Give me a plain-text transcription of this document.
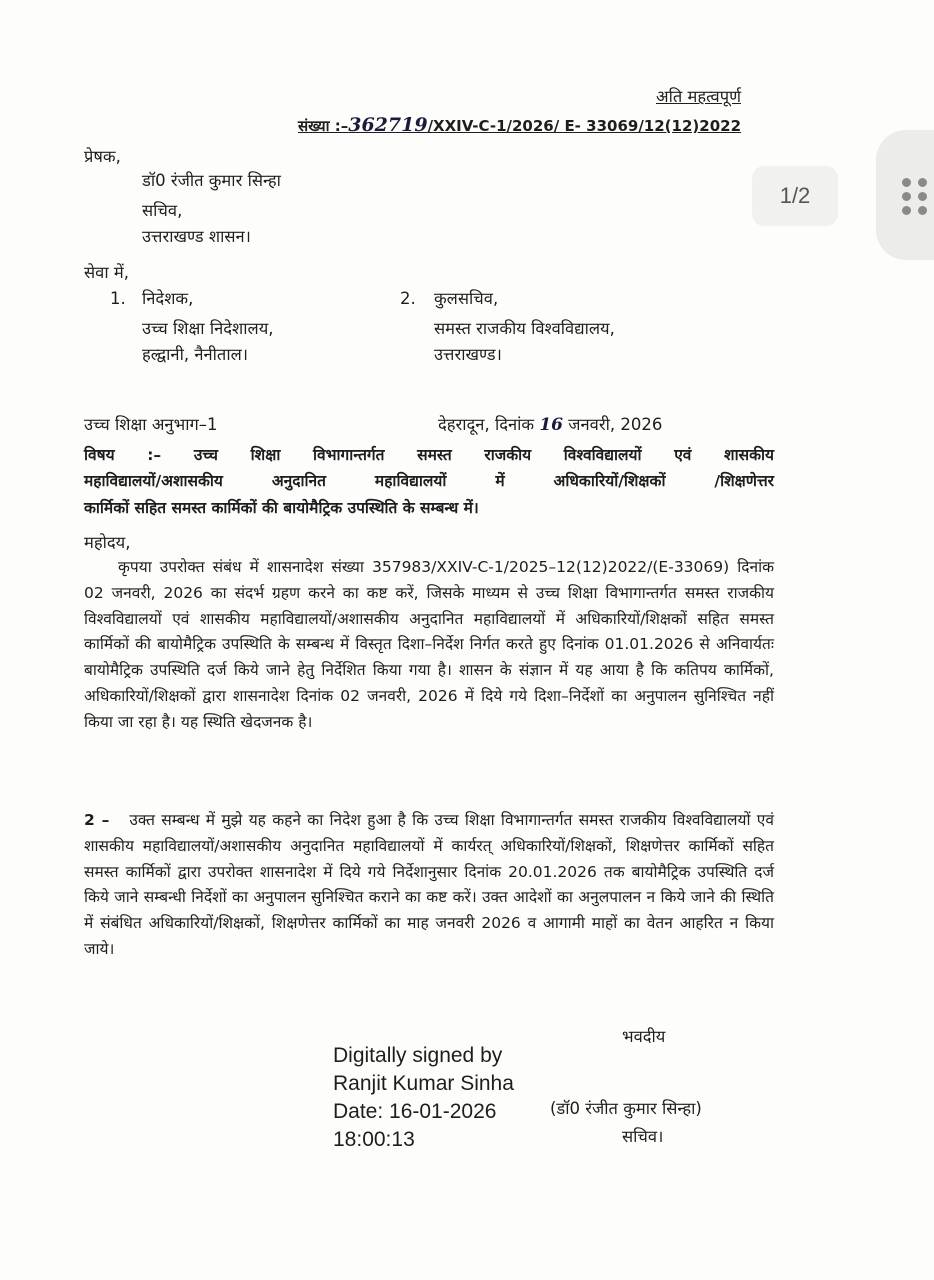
अति महत्वपूर्ण
संख्या :–362719/XXIV-C-1/2026/ E- 33069/12(12)2022
प्रेषक,
डॉ0 रंजीत कुमार सिन्हा
सचिव,
उत्तराखण्ड शासन।
सेवा में,
1. निदेशक,
उच्च शिक्षा निदेशालय,
हल्द्वानी, नैनीताल।
2. कुलसचिव,
समस्त राजकीय विश्वविद्यालय,
उत्तराखण्ड।
उच्च शिक्षा अनुभाग–1	देहरादून, दिनांक 16 जनवरी, 2026
विषय :– उच्च शिक्षा विभागान्तर्गत समस्त राजकीय विश्वविद्यालयों एवं शासकीय
महाविद्यालयों/अशासकीय अनुदानित महाविद्यालयों में अधिकारियों/शिक्षकों /शिक्षणेत्तर
कार्मिकों सहित समस्त कार्मिकों की बायोमैट्रिक उपस्थिति के सम्बन्ध में।
महोदय,
कृपया उपरोक्त संबंध में शासनादेश संख्या 357983/XXIV-C-1/2025–12(12)2022/(E-33069) दिनांक 02 जनवरी, 2026 का संदर्भ ग्रहण करने का कष्ट करें, जिसके माध्यम से उच्च शिक्षा विभागान्तर्गत समस्त राजकीय विश्वविद्यालयों एवं शासकीय महाविद्यालयों/अशासकीय अनुदानित महाविद्यालयों में अधिकारियों/शिक्षकों सहित समस्त कार्मिकों की बायोमैट्रिक उपस्थिति के सम्बन्ध में विस्तृत दिशा–निर्देश निर्गत करते हुए दिनांक 01.01.2026 से अनिवार्यतः बायोमैट्रिक उपस्थिति दर्ज किये जाने हेतु निर्देशित किया गया है। शासन के संज्ञान में यह आया है कि कतिपय कार्मिकों, अधिकारियों/शिक्षकों द्वारा शासनादेश दिनांक 02 जनवरी, 2026 में दिये गये दिशा–निर्देशों का अनुपालन सुनिश्चित नहीं किया जा रहा है। यह स्थिति खेदजनक है।
2 – उक्त सम्बन्ध में मुझे यह कहने का निदेश हुआ है कि उच्च शिक्षा विभागान्तर्गत समस्त राजकीय विश्वविद्यालयों एवं शासकीय महाविद्यालयों/अशासकीय अनुदानित महाविद्यालयों में कार्यरत् अधिकारियों/शिक्षकों, शिक्षणेत्तर कार्मिकों सहित समस्त कार्मिकों द्वारा उपरोक्त शासनादेश में दिये गये निर्देशानुसार दिनांक 20.01.2026 तक बायोमैट्रिक उपस्थिति दर्ज किये जाने सम्बन्धी निर्देशों का अनुपालन सुनिश्चित कराने का कष्ट करें। उक्त आदेशों का अनुलपालन न किये जाने की स्थिति में संबंधित अधिकारियों/शिक्षकों, शिक्षणेत्तर कार्मिकों का माह जनवरी 2026 व आगामी माहों का वेतन आहरित न किया जाये।
भवदीय
Digitally signed by
Ranjit Kumar Sinha
Date: 16-01-2026
18:00:13
(डॉ0 रंजीत कुमार सिन्हा)
सचिव।
1/2
